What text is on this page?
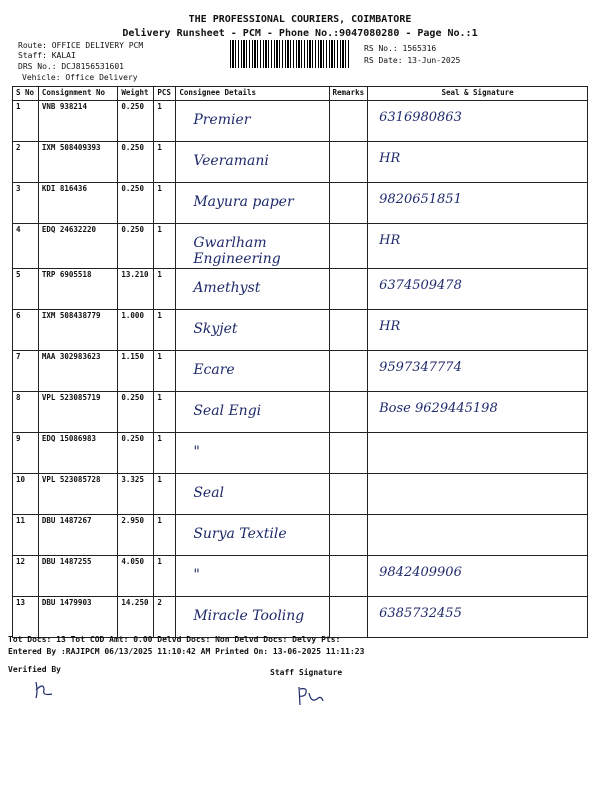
THE PROFESSIONAL COURIERS, COIMBATORE
Delivery Runsheet - PCM - Phone No.:9047080280 - Page No.:1
Route: OFFICE DELIVERY PCM
Staff: KALAI
DRS No.: DCJ8156531601
Vehicle: Office Delivery
RS No.: 1565316
RS Date: 13-Jun-2025
S No	Consignment No	Weight	PCS	Consignee Details	Remarks	Seal & Signature
1	VNB 938214	0.250	1	Premier		6316980863

2	IXM 508409393	0.250	1	Veeramani		HR

3	KDI 816436	0.250	1	Mayura paper		9820651851

4	EDQ 24632220	0.250	1	Gwarlham Engineering		HR

5	TRP 6905518	13.210	1	Amethyst		6374509478

6	IXM 508438779	1.000	1	Skyjet		HR

7	MAA 302983623	1.150	1	Ecare		9597347774

8	VPL 523085719	0.250	1	Seal Engi		Bose 9629445198

9	EDQ 15086983	0.250	1	"		

10	VPL 523085728	3.325	1	Seal		

11	DBU 1487267	2.950	1	Surya Textile		

12	DBU 1487255	4.050	1	"		9842409906

13	DBU 1479903	14.250	2	Miracle Tooling		6385732455
Tot Docs: 13 Tot COD Amt: 0.00 Delvd Docs: Non Delvd Docs: Delvy Pts:
Entered By :RAJIPCM 06/13/2025 11:10:42 AM Printed On: 13-06-2025 11:11:23
Verified By	Staff Signature
